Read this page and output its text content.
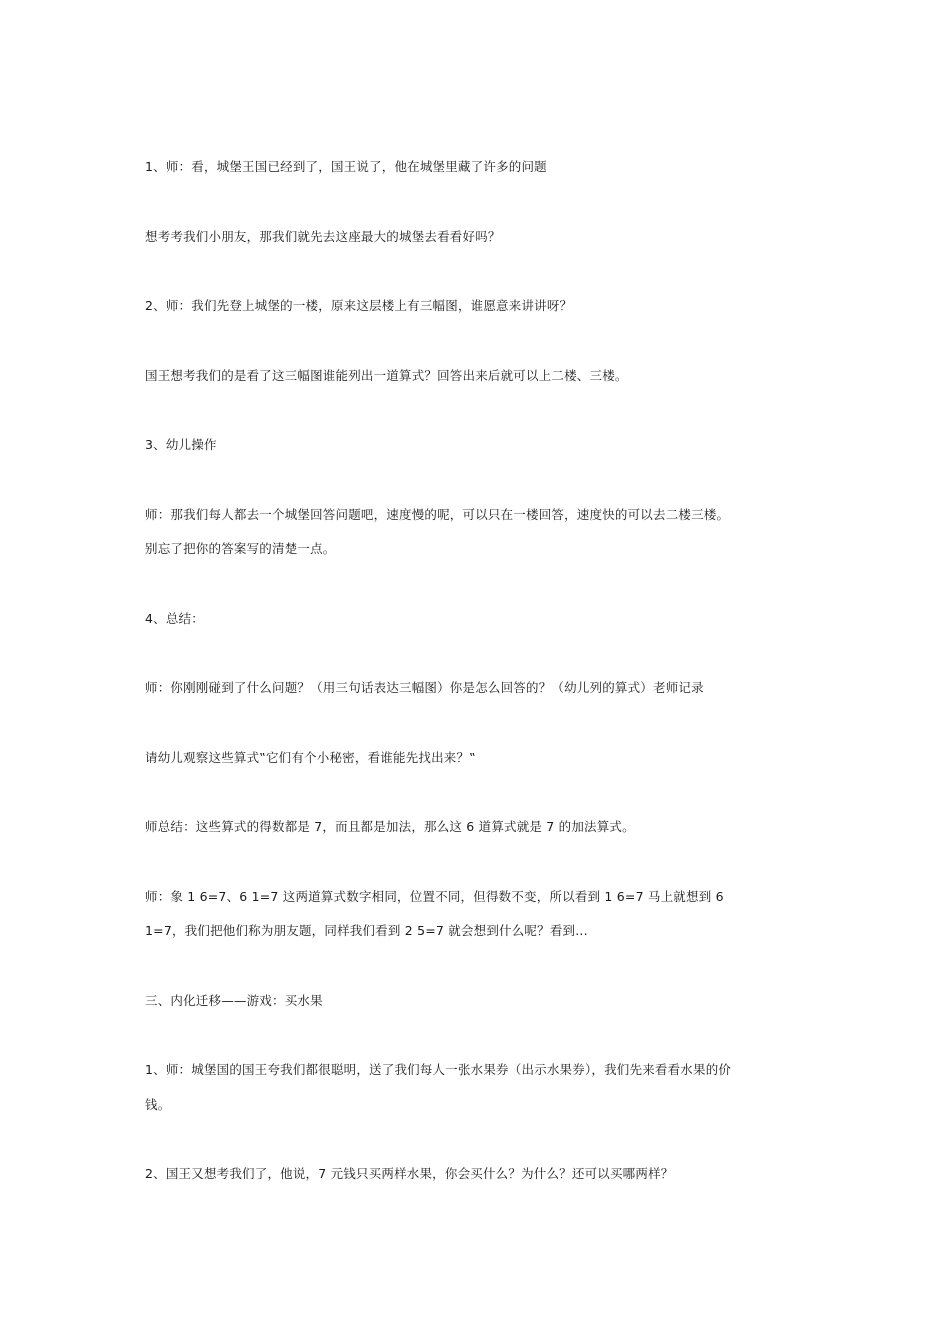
1、师：看，城堡王国已经到了，国王说了，他在城堡里藏了许多的问题
想考考我们小朋友，那我们就先去这座最大的城堡去看看好吗？
2、师：我们先登上城堡的一楼，原来这层楼上有三幅图，谁愿意来讲讲呀？
国王想考我们的是看了这三幅图谁能列出一道算式？回答出来后就可以上二楼、三楼。
3、幼儿操作
师：那我们每人都去一个城堡回答问题吧，速度慢的呢，可以只在一楼回答，速度快的可以去二楼三楼。
别忘了把你的答案写的清楚一点。
4、总结：
师：你刚刚碰到了什么问题？（用三句话表达三幅图）你是怎么回答的？（幼儿列的算式）老师记录
请幼儿观察这些算式‟它们有个小秘密，看谁能先找出来？‟
师总结：这些算式的得数都是 7，而且都是加法，那么这 6 道算式就是 7 的加法算式。
师：象 1 6=7、6 1=7 这两道算式数字相同，位置不同，但得数不变，所以看到 1 6=7 马上就想到 6
1=7，我们把他们称为朋友题，同样我们看到 2 5=7 就会想到什么呢？看到...
三、内化迁移——游戏：买水果
1、师：城堡国的国王夸我们都很聪明，送了我们每人一张水果券（出示水果券），我们先来看看水果的价
钱。
2、国王又想考我们了，他说，7 元钱只买两样水果，你会买什么？为什么？还可以买哪两样？
